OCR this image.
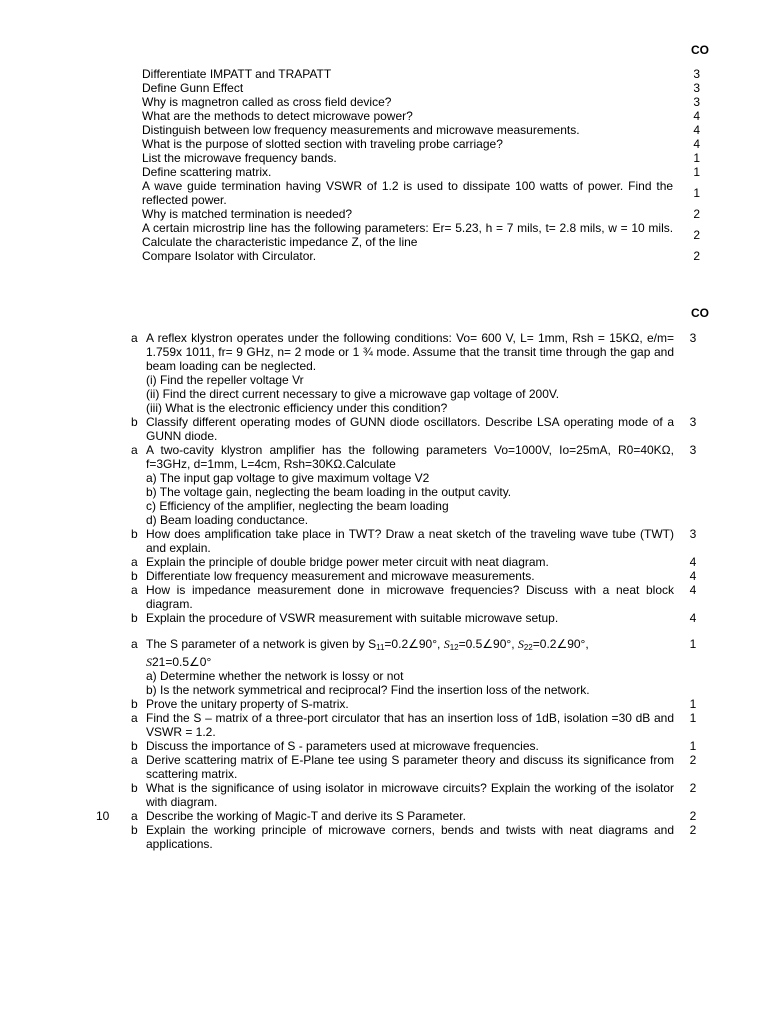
CO
Differentiate IMPATT and TRAPATT	3
Define Gunn Effect	3
Why is magnetron called as cross field device?	3
What are the methods to detect microwave power?	4
Distinguish between low frequency measurements and microwave measurements.	4
What is the purpose of slotted section with traveling probe carriage?	4
List the microwave frequency bands.	1
Define scattering matrix.	1
A wave guide termination having VSWR of 1.2 is used to dissipate 100 watts of power. Find the reflected power.	1
Why is matched termination is needed?	2
A certain microstrip line has the following parameters: Er= 5.23, h = 7 mils, t= 2.8 mils, w = 10 mils. Calculate the characteristic impedance Z, of the line	2
Compare Isolator with Circulator.	2
CO
a A reflex klystron operates under the following conditions: Vo= 600 V, L= 1mm, Rsh = 15KΩ, e/m= 1.759x 1011, fr= 9 GHz, n= 2 mode or 1 ¾ mode. Assume that the transit time through the gap and beam loading can be neglected.
(i) Find the repeller voltage Vr
(ii) Find the direct current necessary to give a microwave gap voltage of 200V.
(iii) What is the electronic efficiency under this condition?
3
b Classify different operating modes of GUNN diode oscillators. Describe LSA operating mode of a GUNN diode.
3
a A two-cavity klystron amplifier has the following parameters Vo=1000V, Io=25mA, R0=40KΩ, f=3GHz, d=1mm, L=4cm, Rsh=30KΩ.Calculate
a) The input gap voltage to give maximum voltage V2
b) The voltage gain, neglecting the beam loading in the output cavity.
c) Efficiency of the amplifier, neglecting the beam loading
d) Beam loading conductance.
3
b How does amplification take place in TWT? Draw a neat sketch of the traveling wave tube (TWT) and explain.
3
a Explain the principle of double bridge power meter circuit with neat diagram.	4
b Differentiate low frequency measurement and microwave measurements.	4
a How is impedance measurement done in microwave frequencies? Discuss with a neat block diagram.
4
b Explain the procedure of VSWR measurement with suitable microwave setup.	4
a The S parameter of a network is given by $S_{11}=0.2\angle 90^\circ$, $S_{12}=0.5\angle 90^\circ$, $S_{22}=0.2\angle 90^\circ$,
S21=0.5∠0°
a) Determine whether the network is lossy or not
b) Is the network symmetrical and reciprocal? Find the insertion loss of the network.
1
b Prove the unitary property of S-matrix.	1
a Find the S – matrix of a three-port circulator that has an insertion loss of 1dB, isolation =30 dB and VSWR = 1.2.
1
b Discuss the importance of S - parameters used at microwave frequencies.	1
a Derive scattering matrix of E-Plane tee using S parameter theory and discuss its significance from scattering matrix.
2
b What is the significance of using isolator in microwave circuits? Explain the working of the isolator with diagram.
2
10	a Describe the working of Magic-T and derive its S Parameter.	2
b Explain the working principle of microwave corners, bends and twists with neat diagrams and applications.
2
